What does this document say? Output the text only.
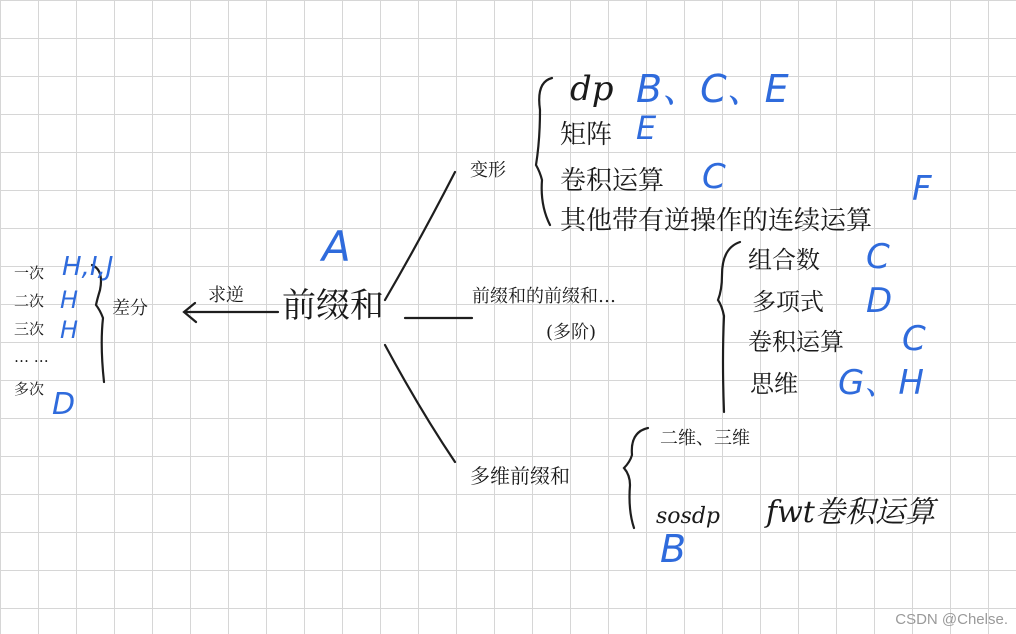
前缀和
A
求逆
差分
一次 H,I,J
二次 H
三次 H
… …
多次 D
变形
dp B、C、E
矩阵 E
卷积运算 C
其他带有逆操作的连续运算
F
前缀和的前缀和…
(多阶)
组合数 C
多项式 D
卷积运算 C
思维 G、H
多维前缀和
二维、三维
sosdp
B
fwt卷积运算
CSDN @Chelse.
